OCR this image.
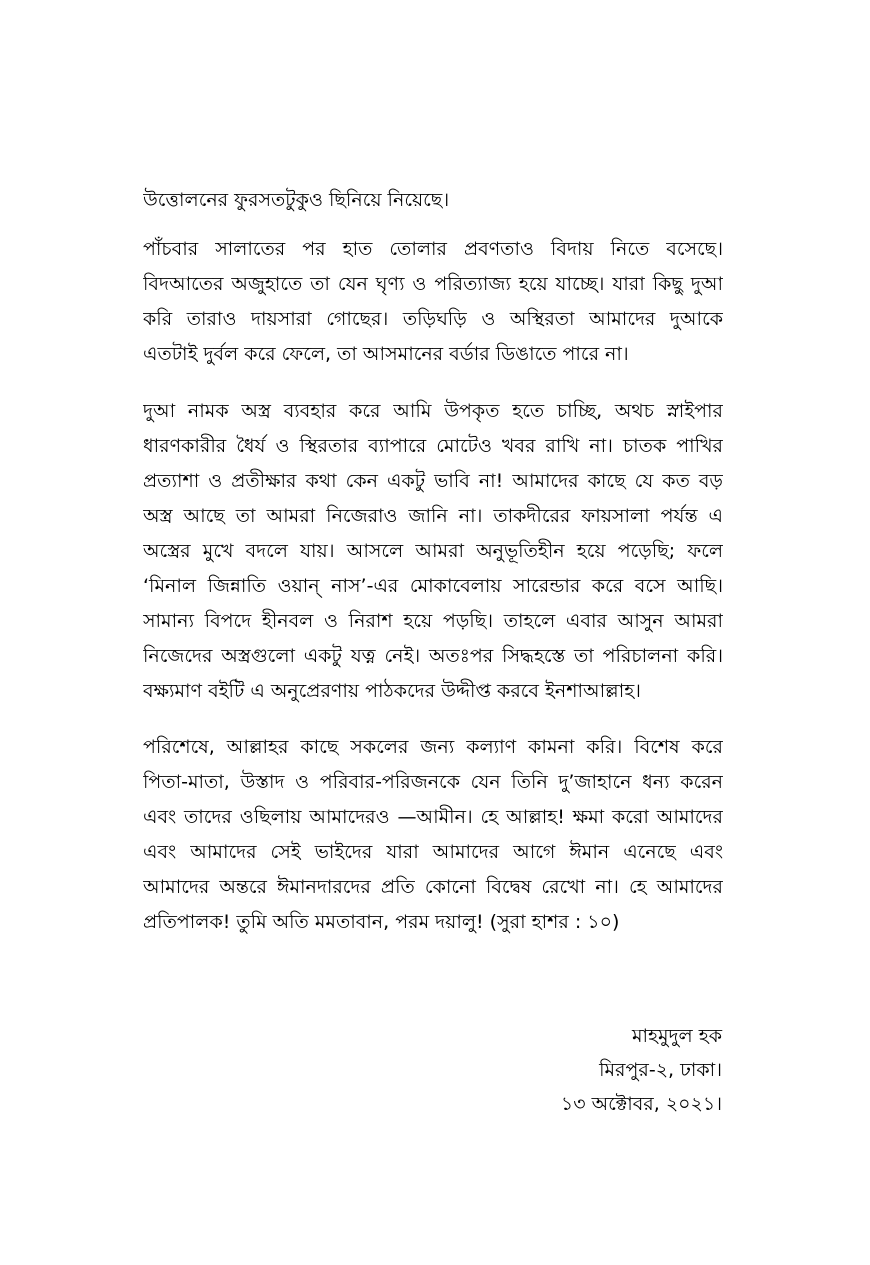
উত্তোলনের ফুরসতটুকুও ছিনিয়ে নিয়েছে।
পাঁচবার সালাতের পর হাত তোলার প্রবণতাও বিদায় নিতে বসেছে।
বিদআতের অজুহাতে তা যেন ঘৃণ্য ও পরিত্যাজ্য হয়ে যাচ্ছে। যারা কিছু দুআ
করি তারাও দায়সারা গোছের। তড়িঘড়ি ও অস্থিরতা আমাদের দুআকে
এতটাই দুর্বল করে ফেলে, তা আসমানের বর্ডার ডিঙাতে পারে না।
দুআ নামক অস্ত্র ব্যবহার করে আমি উপকৃত হতে চাচ্ছি, অথচ স্নাইপার
ধারণকারীর ধৈর্য ও স্থিরতার ব্যাপারে মোটেও খবর রাখি না। চাতক পাখির
প্রত্যাশা ও প্রতীক্ষার কথা কেন একটু ভাবি না! আমাদের কাছে যে কত বড়
অস্ত্র আছে তা আমরা নিজেরাও জানি না। তাকদীরের ফায়সালা পর্যন্ত এ
অস্ত্রের মুখে বদলে যায়। আসলে আমরা অনুভূতিহীন হয়ে পড়েছি; ফলে
‘মিনাল জিন্নাতি ওয়ান্ নাস’-এর মোকাবেলায় সারেন্ডার করে বসে আছি।
সামান্য বিপদে হীনবল ও নিরাশ হয়ে পড়ছি। তাহলে এবার আসুন আমরা
নিজেদের অস্ত্রগুলো একটু যত্ন নেই। অতঃপর সিদ্ধহস্তে তা পরিচালনা করি।
বক্ষ্যমাণ বইটি এ অনুপ্রেরণায় পাঠকদের উদ্দীপ্ত করবে ইনশাআল্লাহ।
পরিশেষে, আল্লাহর কাছে সকলের জন্য কল্যাণ কামনা করি। বিশেষ করে
পিতা-মাতা, উস্তাদ ও পরিবার-পরিজনকে যেন তিনি দু’জাহানে ধন্য করেন
এবং তাদের ওছিলায় আমাদেরও —আমীন। হে আল্লাহ! ক্ষমা করো আমাদের
এবং আমাদের সেই ভাইদের যারা আমাদের আগে ঈমান এনেছে এবং
আমাদের অন্তরে ঈমানদারদের প্রতি কোনো বিদ্বেষ রেখো না। হে আমাদের
প্রতিপালক! তুমি অতি মমতাবান, পরম দয়ালু! (সুরা হাশর : ১০)
মাহমুদুল হক
মিরপুর-২, ঢাকা।
১৩ অক্টোবর, ২০২১।
